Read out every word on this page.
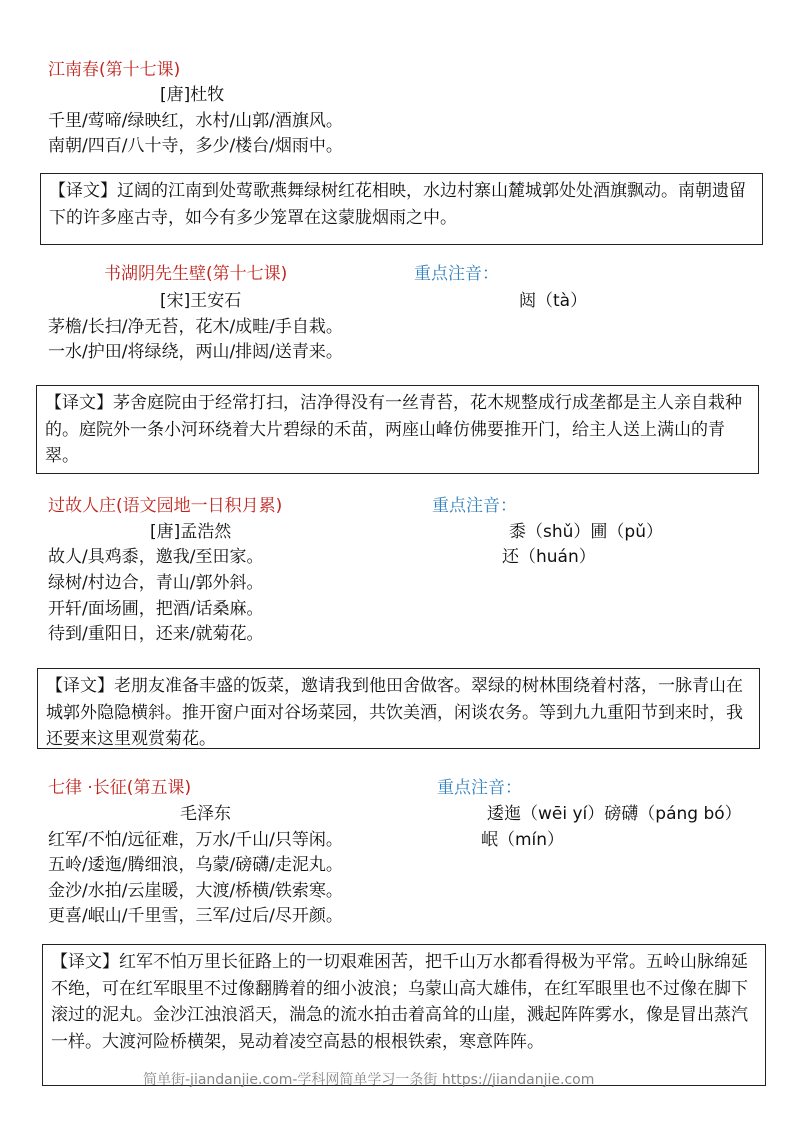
江南春(第十七课)
[唐]杜牧
千里/莺啼/绿映红，水村/山郭/酒旗风。
南朝/四百/八十寺，多少/楼台/烟雨中。
【译文】辽阔的江南到处莺歌燕舞绿树红花相映，水边村寨山麓城郭处处酒旗飘动。南朝遗留下的许多座古寺，如今有多少笼罩在这蒙胧烟雨之中。
书湖阴先生壁(第十七课)	重点注音：
[宋]王安石	闼（tà）
茅檐/长扫/净无苔，花木/成畦/手自栽。
一水/护田/将绿绕，两山/排闼/送青来。
【译文】茅舍庭院由于经常打扫，洁净得没有一丝青苔，花木规整成行成垄都是主人亲自栽种的。庭院外一条小河环绕着大片碧绿的禾苗，两座山峰仿佛要推开门，给主人送上满山的青翠。
过故人庄(语文园地一日积月累)	重点注音：
[唐]孟浩然	黍（shǔ）圃（pǔ）
故人/具鸡黍，邀我/至田家。	还（huán）
绿树/村边合，青山/郭外斜。
开轩/面场圃，把酒/话桑麻。
待到/重阳日，还来/就菊花。
【译文】老朋友准备丰盛的饭菜，邀请我到他田舍做客。翠绿的树林围绕着村落，一脉青山在城郭外隐隐横斜。推开窗户面对谷场菜园，共饮美酒，闲谈农务。等到九九重阳节到来时，我还要来这里观赏菊花。
七律 ·长征(第五课)	重点注音：
毛泽东	逶迤（wēi yí）磅礴（páng bó）
红军/不怕/远征难，万水/千山/只等闲。	岷（mín）
五岭/逶迤/腾细浪，乌蒙/磅礴/走泥丸。
金沙/水拍/云崖暖，大渡/桥横/铁索寒。
更喜/岷山/千里雪，三军/过后/尽开颜。
【译文】红军不怕万里长征路上的一切艰难困苦，把千山万水都看得极为平常。五岭山脉绵延不绝，可在红军眼里不过像翻腾着的细小波浪；乌蒙山高大雄伟，在红军眼里也不过像在脚下滚过的泥丸。金沙江浊浪滔天，湍急的流水拍击着高耸的山崖，溅起阵阵雾水，像是冒出蒸汽一样。大渡河险桥横架，晃动着凌空高悬的根根铁索，寒意阵阵。
简单街-jiandanjie.com-学科网简单学习一条街 https://jiandanjie.com
